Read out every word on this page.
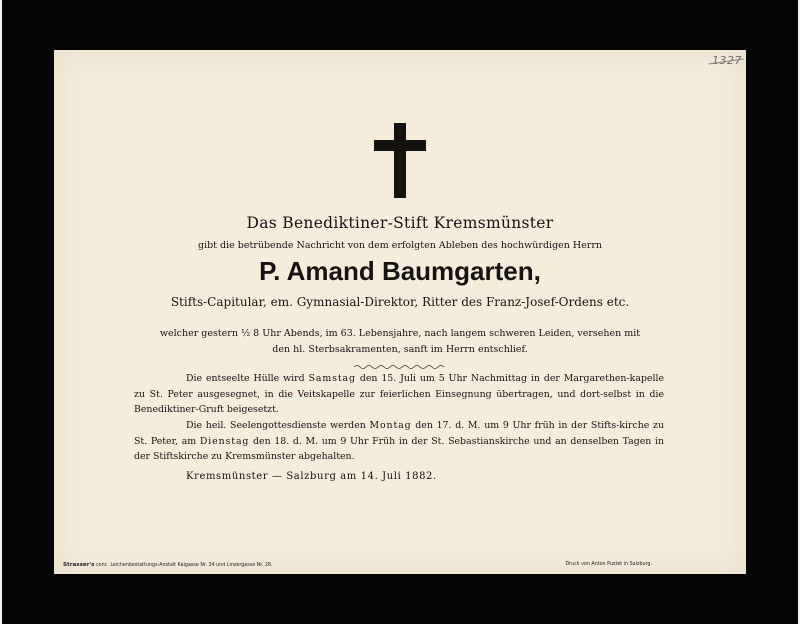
1327
Das Benediktiner-Stift Kremsmünster
gibt die betrübende Nachricht von dem erfolgten Ableben des hochwürdigen Herrn
P. Amand Baumgarten,
Stifts-Capitular, em. Gymnasial-Direktor, Ritter des Franz-Josef-Ordens etc.
welcher gestern ½ 8 Uhr Abends, im 63. Lebensjahre, nach langem schweren Leiden, versehen mit
den hl. Sterbsakramenten, sanft im Herrn entschlief.
Die entseelte Hülle wird Samstag den 15. Juli um 5 Uhr Nachmittag in der Margarethen-kapelle zu St. Peter ausgesegnet, in die Veitskapelle zur feierlichen Einsegnung übertragen, und dort-selbst in die Benediktiner-Gruft beigesetzt.
Die heil. Seelengottesdienste werden Montag den 17. d. M. um 9 Uhr früh in der Stifts-kirche zu St. Peter, am Dienstag den 18. d. M. um 9 Uhr Früh in der St. Sebastianskirche und an denselben Tagen in der Stiftskirche zu Kremsmünster abgehalten.
Kremsmünster — Salzburg am 14. Juli 1882.
Strasser's conc. Leichenbestattungs-Anstalt Kaigasse Nr. 34 und Linzergasse Nr. 28.	Druck von Anton Pustet in Salzburg.
